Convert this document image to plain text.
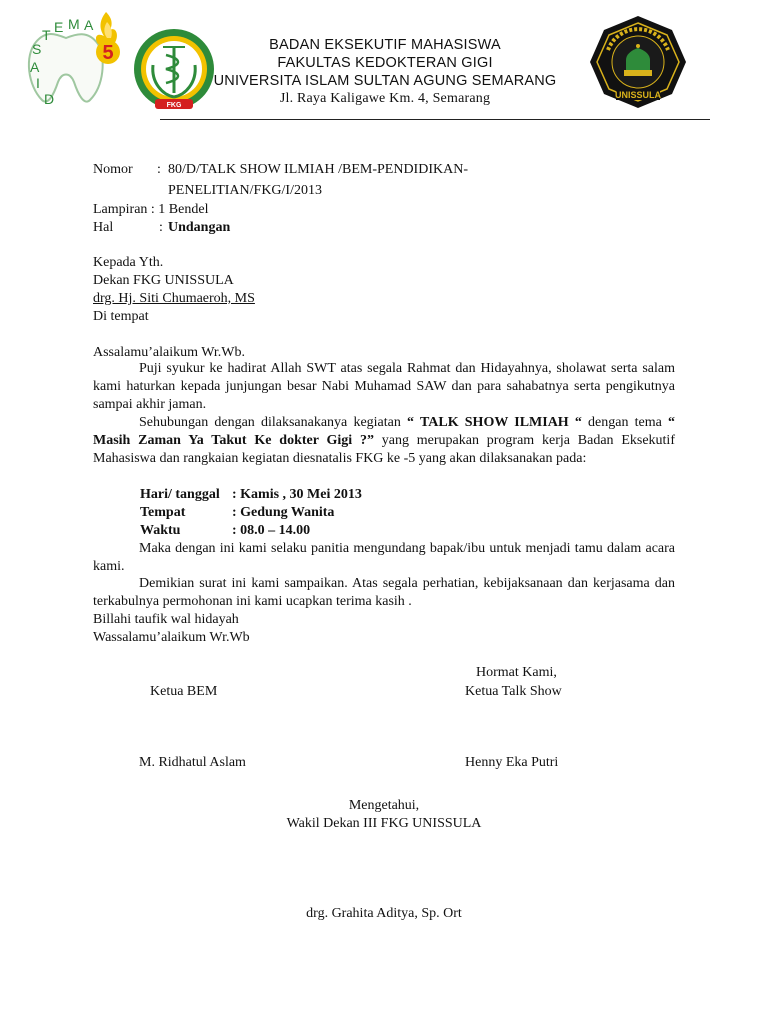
5
D
I
A
S
T E M A
FKG
UNISSULA
BADAN EKSEKUTIF MAHASISWA
FAKULTAS KEDOKTERAN GIGI
UNIVERSITA ISLAM SULTAN AGUNG SEMARANG
Jl. Raya Kaligawe Km. 4, Semarang
Nomor : 80/D/TALK SHOW ILMIAH /BEM-PENDIDIKAN-
PENELITIAN/FKG/I/2013
Lampiran : 1 Bendel
Hal	: Undangan
Kepada Yth.
Dekan FKG UNISSULA
drg. Hj. Siti Chumaeroh, MS
Di tempat
Assalamu’alaikum Wr.Wb.
Puji syukur ke hadirat Allah SWT atas segala Rahmat dan Hidayahnya, sholawat serta salam kami haturkan kepada junjungan besar Nabi Muhamad SAW dan para sahabatnya serta pengikutnya sampai akhir jaman.
Sehubungan dengan dilaksanakanya kegiatan “ TALK SHOW ILMIAH “ dengan tema “ Masih Zaman Ya Takut Ke dokter Gigi ?” yang merupakan program kerja Badan Eksekutif Mahasiswa dan rangkaian kegiatan diesnatalis FKG ke -5 yang akan dilaksanakan pada:
Hari/ tanggal : Kamis , 30 Mei 2013
Tempat	: Gedung Wanita
Waktu	: 08.0 – 14.00
Maka dengan ini kami selaku panitia mengundang bapak/ibu untuk menjadi tamu dalam acara kami.
Demikian surat ini kami sampaikan. Atas segala perhatian, kebijaksanaan dan kerjasama dan terkabulnya permohonan ini kami ucapkan terima kasih .
Billahi taufik wal hidayah
Wassalamu’alaikum Wr.Wb
Hormat Kami,
Ketua BEM	Ketua Talk Show
M. Ridhatul Aslam	Henny Eka Putri
Mengetahui,
Wakil Dekan III FKG UNISSULA
drg. Grahita Aditya, Sp. Ort
